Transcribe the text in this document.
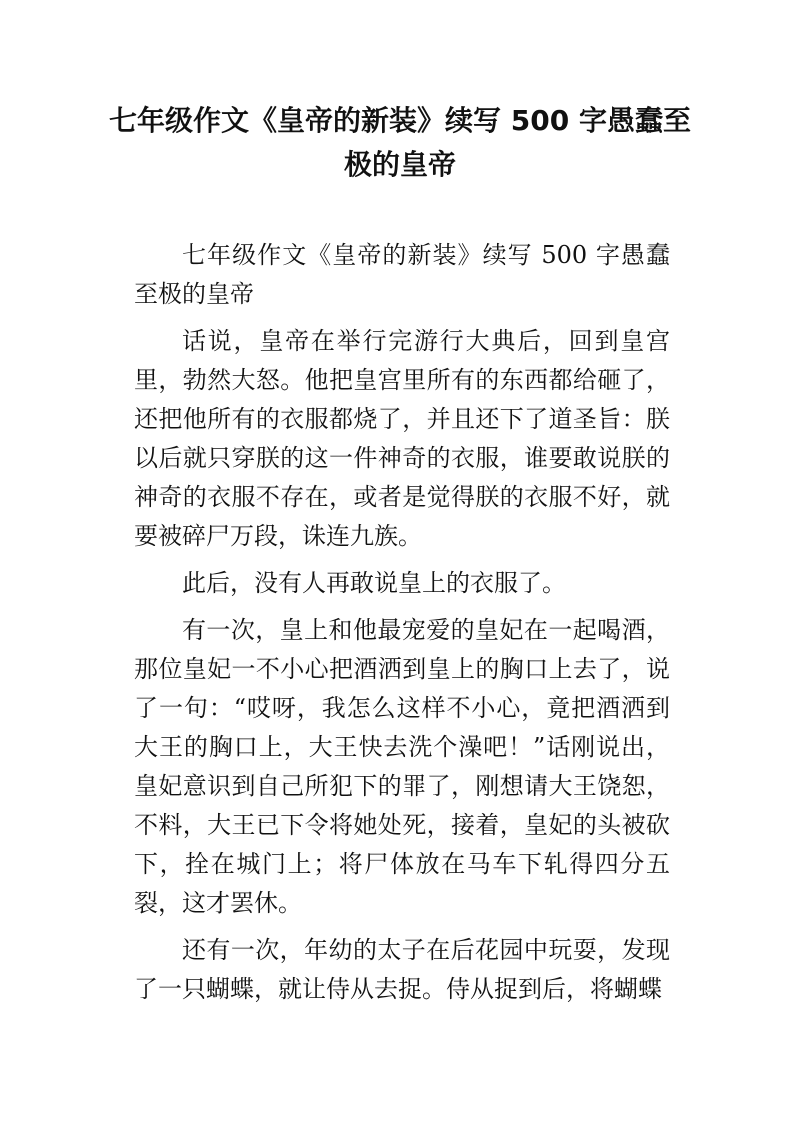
七年级作文《皇帝的新装》续写 500 字愚蠢至极的皇帝

七年级作文《皇帝的新装》续写 500 字愚蠢至极的皇帝

话说，皇帝在举行完游行大典后，回到皇宫里，勃然大怒。他把皇宫里所有的东西都给砸了，还把他所有的衣服都烧了，并且还下了道圣旨：朕以后就只穿朕的这一件神奇的衣服，谁要敢说朕的神奇的衣服不存在，或者是觉得朕的衣服不好，就要被碎尸万段，诛连九族。

此后，没有人再敢说皇上的衣服了。

有一次，皇上和他最宠爱的皇妃在一起喝酒，那位皇妃一不小心把酒洒到皇上的胸口上去了，说了一句：“哎呀，我怎么这样不小心，竟把酒洒到大王的胸口上，大王快去洗个澡吧！”话刚说出，皇妃意识到自己所犯下的罪了，刚想请大王饶恕，不料，大王已下令将她处死，接着，皇妃的头被砍下，拴在城门上；将尸体放在马车下轧得四分五裂，这才罢休。

还有一次，年幼的太子在后花园中玩耍，发现了一只蝴蝶，就让侍从去捉。侍从捉到后，将蝴蝶
